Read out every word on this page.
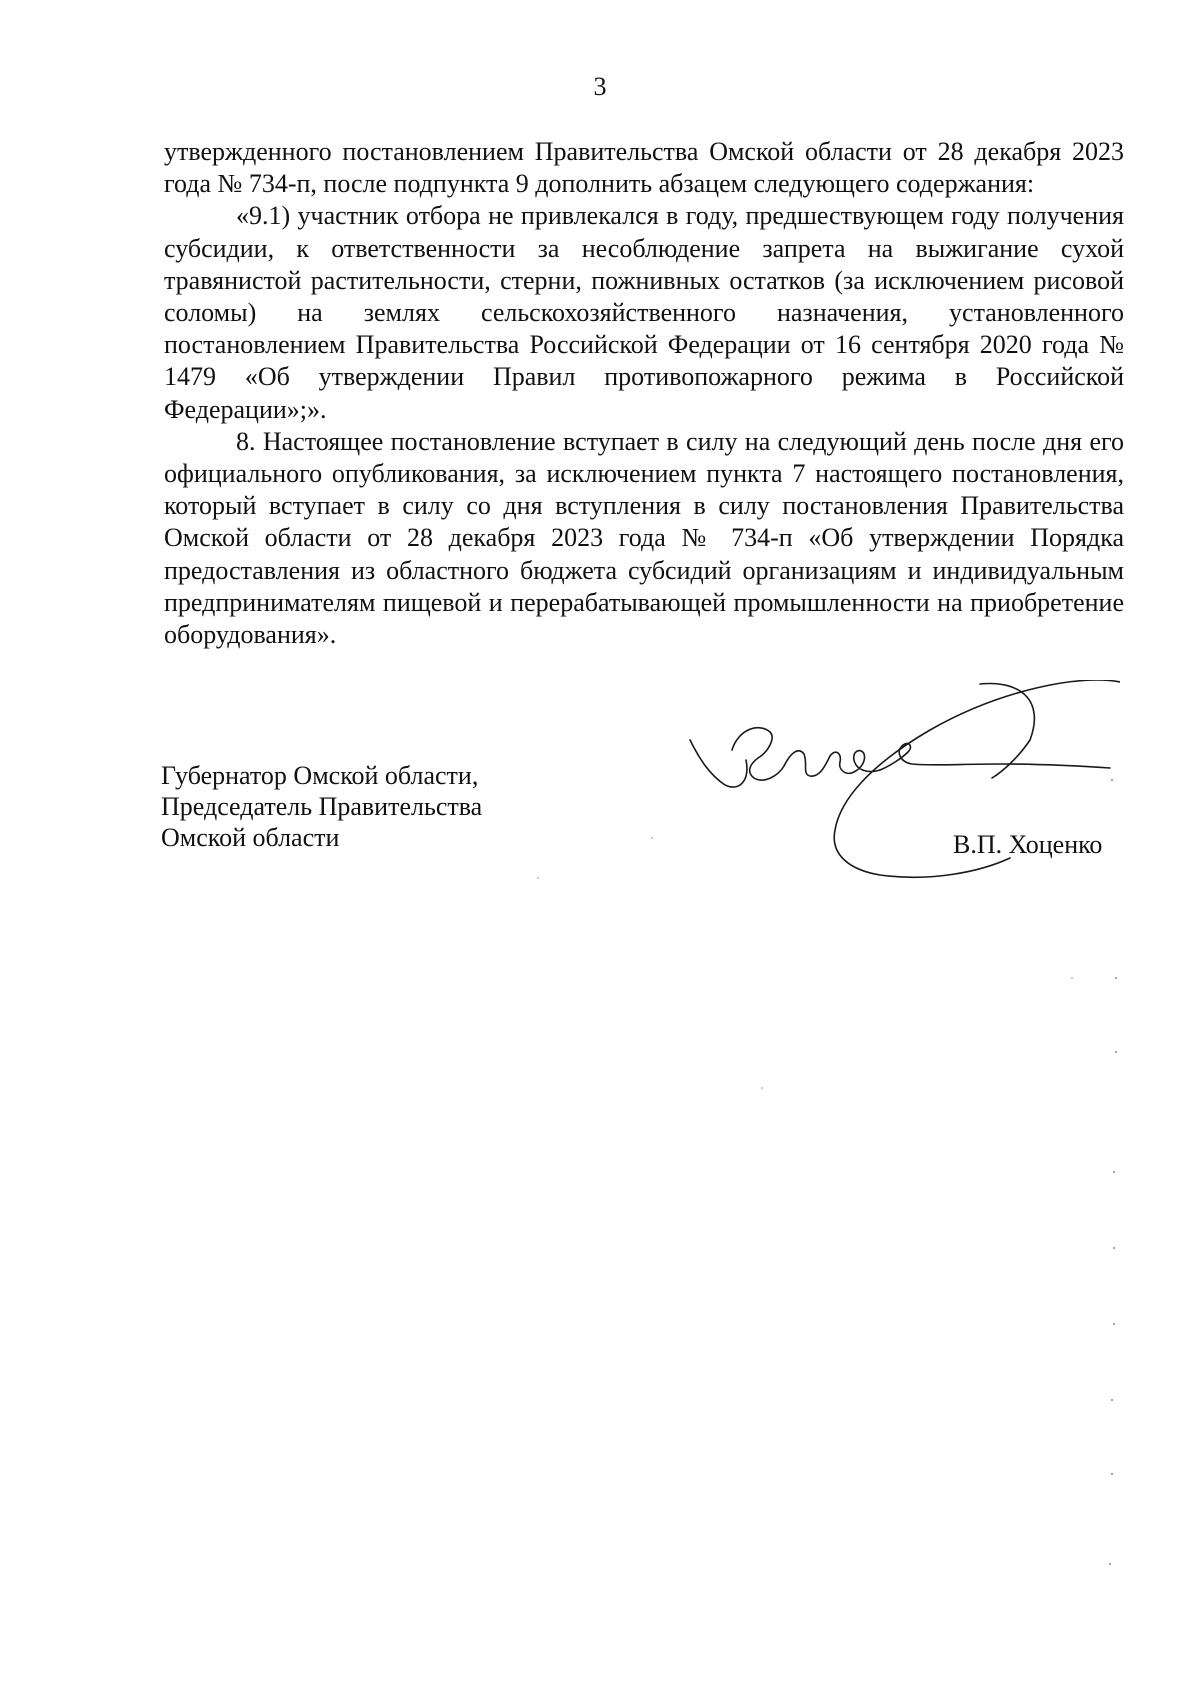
3

утвержденного постановлением Правительства Омской области от 28 декабря 2023 года № 734-п, после подпункта 9 дополнить абзацем следующего содержания:

«9.1) участник отбора не привлекался в году, предшествующем году получения субсидии, к ответственности за несоблюдение запрета на выжигание сухой травянистой растительности, стерни, пожнивных остатков (за исключением рисовой соломы) на землях сельскохозяйственного назначения, установленного постановлением Правительства Российской Федерации от 16 сентября 2020 года № 1479 «Об утверждении Правил противопожарного режима в Российской Федерации»;».

8. Настоящее постановление вступает в силу на следующий день после дня его официального опубликования, за исключением пункта 7 настоящего постановления, который вступает в силу со дня вступления в силу постановления Правительства Омской области от 28 декабря 2023 года № 734-п «Об утверждении Порядка предоставления из областного бюджета субсидий организациям и индивидуальным предпринимателям пищевой и перерабатывающей промышленности на приобретение оборудования».

Губернатор Омской области,
Председатель Правительства
Омской области	В.П. Хоценко
